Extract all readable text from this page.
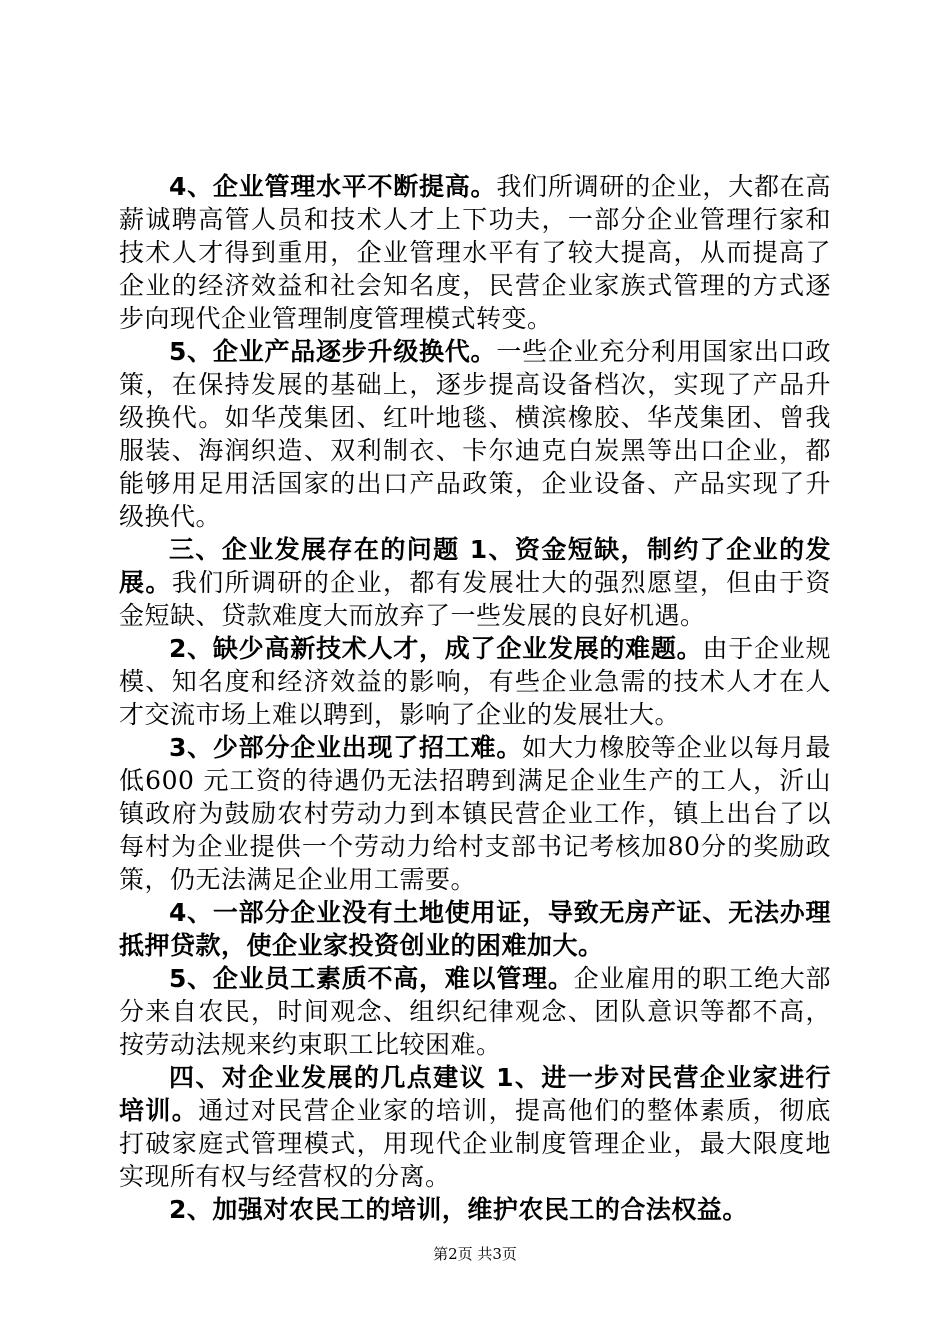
4、企业管理水平不断提高。我们所调研的企业，大都在高薪诚聘高管人员和技术人才上下功夫，一部分企业管理行家和技术人才得到重用，企业管理水平有了较大提高，从而提高了企业的经济效益和社会知名度，民营企业家族式管理的方式逐步向现代企业管理制度管理模式转变。

5、企业产品逐步升级换代。一些企业充分利用国家出口政策，在保持发展的基础上，逐步提高设备档次，实现了产品升级换代。如华茂集团、红叶地毯、横滨橡胶、华茂集团、曾我服装、海润织造、双利制衣、卡尔迪克白炭黑等出口企业，都能够用足用活国家的出口产品政策，企业设备、产品实现了升级换代。

三、企业发展存在的问题 1、资金短缺，制约了企业的发展。我们所调研的企业，都有发展壮大的强烈愿望，但由于资金短缺、贷款难度大而放弃了一些发展的良好机遇。

2、缺少高新技术人才，成了企业发展的难题。由于企业规模、知名度和经济效益的影响，有些企业急需的技术人才在人才交流市场上难以聘到，影响了企业的发展壮大。

3、少部分企业出现了招工难。如大力橡胶等企业以每月最低600 元工资的待遇仍无法招聘到满足企业生产的工人，沂山镇政府为鼓励农村劳动力到本镇民营企业工作，镇上出台了以每村为企业提供一个劳动力给村支部书记考核加80分的奖励政策，仍无法满足企业用工需要。

4、一部分企业没有土地使用证，导致无房产证、无法办理抵押贷款，使企业家投资创业的困难加大。

5、企业员工素质不高，难以管理。企业雇用的职工绝大部分来自农民，时间观念、组织纪律观念、团队意识等都不高，按劳动法规来约束职工比较困难。

四、对企业发展的几点建议 1、进一步对民营企业家进行培训。通过对民营企业家的培训，提高他们的整体素质，彻底打破家庭式管理模式，用现代企业制度管理企业，最大限度地实现所有权与经营权的分离。

2、加强对农民工的培训，维护农民工的合法权益。

第2页 共3页
